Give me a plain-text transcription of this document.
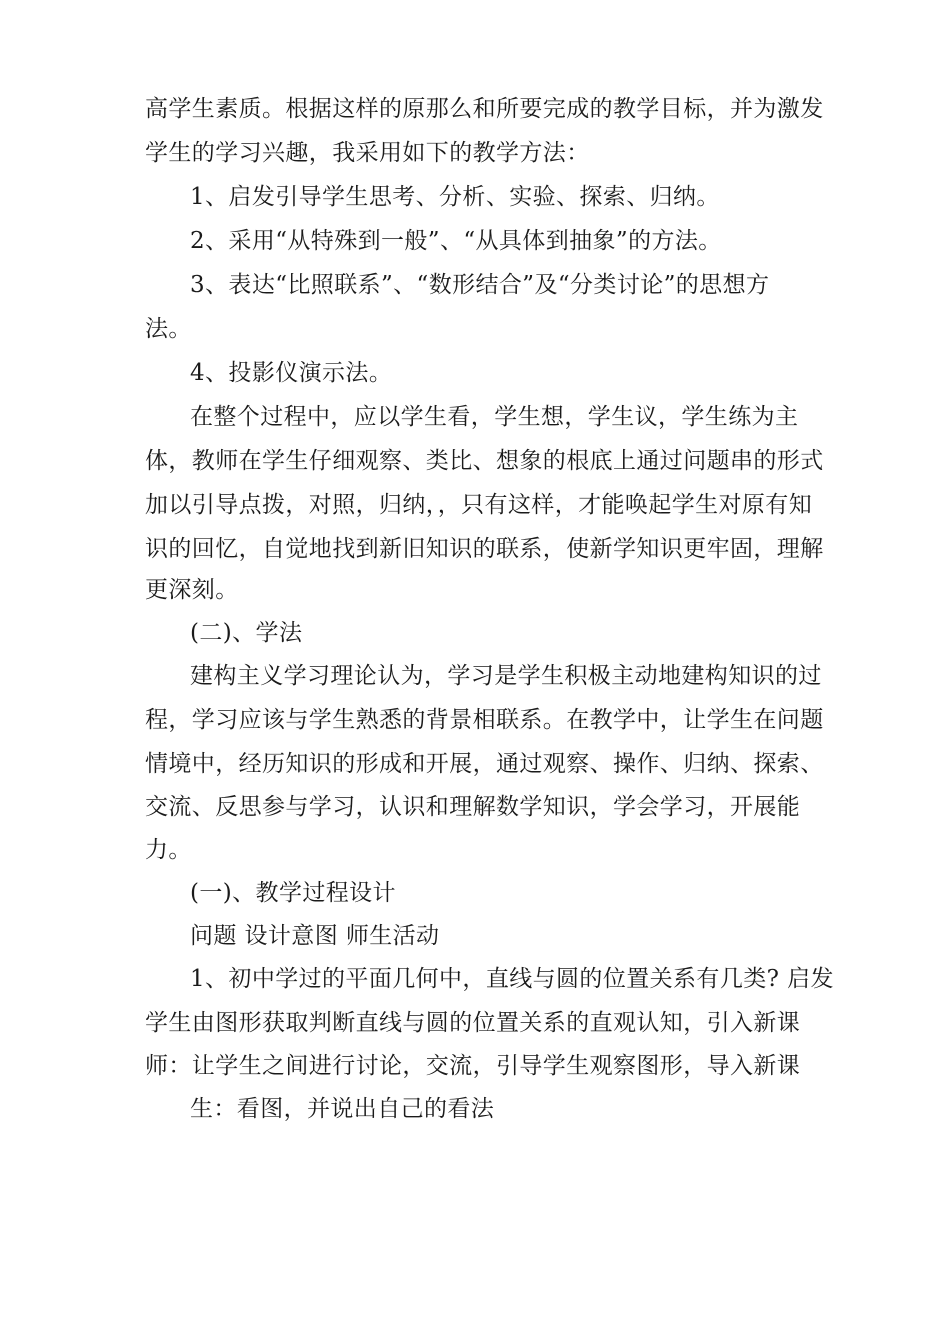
高学生素质。根据这样的原那么和所要完成的教学目标，并为激发
学生的学习兴趣，我采用如下的教学方法：
1、启发引导学生思考、分析、实验、探索、归纳。
2、采用“从特殊到一般”、“从具体到抽象”的方法。
3、表达“比照联系”、“数形结合”及“分类讨论”的思想方
法。
4、投影仪演示法。
在整个过程中，应以学生看，学生想，学生议，学生练为主
体，教师在学生仔细观察、类比、想象的根底上通过问题串的形式
加以引导点拨，对照，归纳，，只有这样，才能唤起学生对原有知
识的回忆，自觉地找到新旧知识的联系，使新学知识更牢固，理解
更深刻。
(二)、学法
建构主义学习理论认为，学习是学生积极主动地建构知识的过
程，学习应该与学生熟悉的背景相联系。在教学中，让学生在问题
情境中，经历知识的形成和开展，通过观察、操作、归纳、探索、
交流、反思参与学习，认识和理解数学知识，学会学习，开展能
力。
(一)、教学过程设计
问题 设计意图 师生活动
1、初中学过的平面几何中，直线与圆的位置关系有几类? 启发
学生由图形获取判断直线与圆的位置关系的直观认知，引入新课
师：让学生之间进行讨论，交流，引导学生观察图形，导入新课
生：看图，并说出自己的看法
